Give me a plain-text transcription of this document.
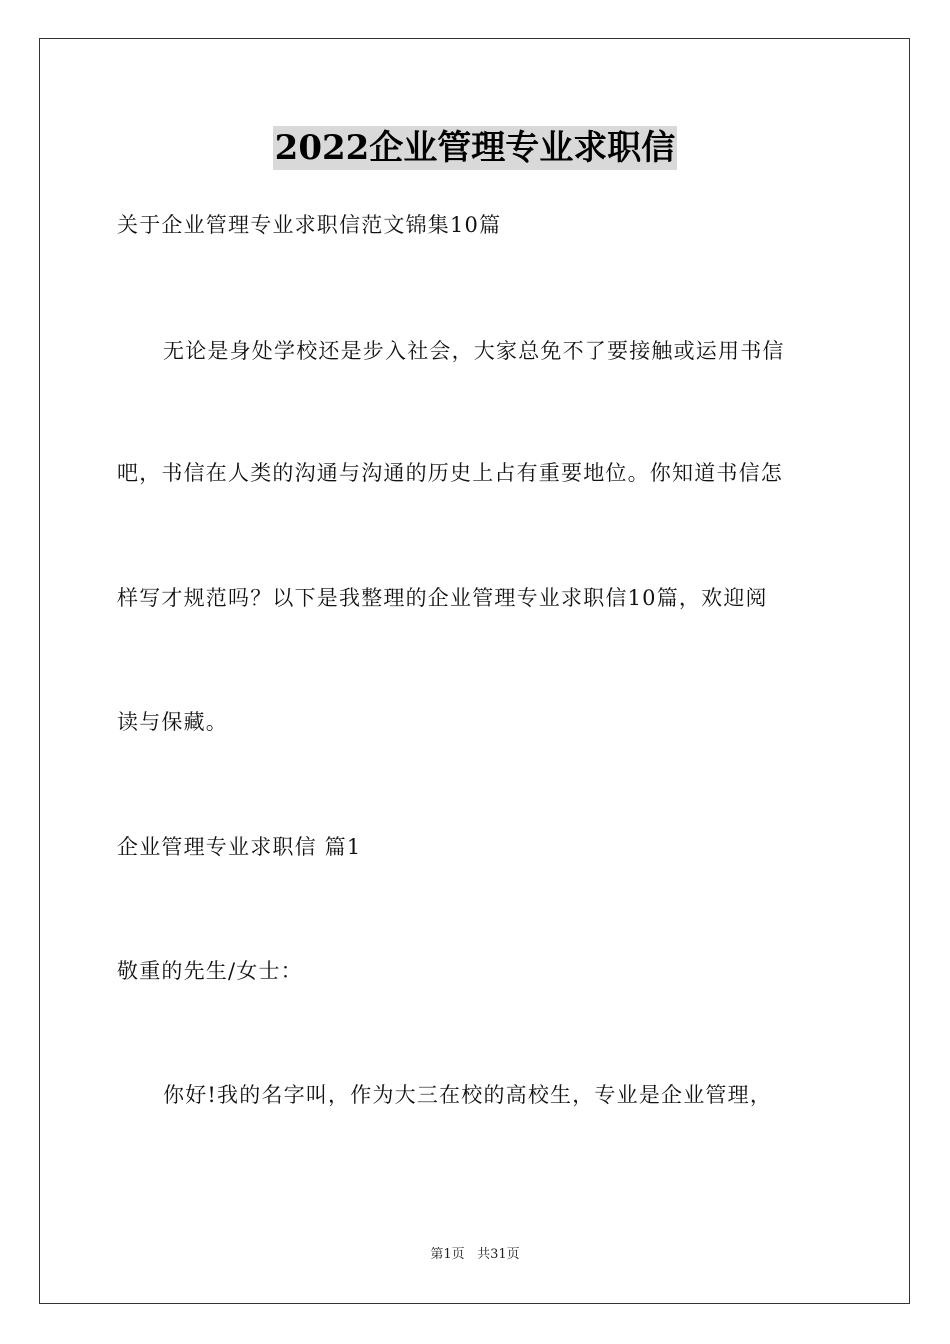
2022企业管理专业求职信
关于企业管理专业求职信范文锦集10篇
无论是身处学校还是步入社会，大家总免不了要接触或运用书信
吧，书信在人类的沟通与沟通的历史上占有重要地位。你知道书信怎
样写才规范吗？以下是我整理的企业管理专业求职信10篇，欢迎阅
读与保藏。
企业管理专业求职信 篇1
敬重的先生/女士：
你好!我的名字叫，作为大三在校的高校生，专业是企业管理，
第1页 共31页
